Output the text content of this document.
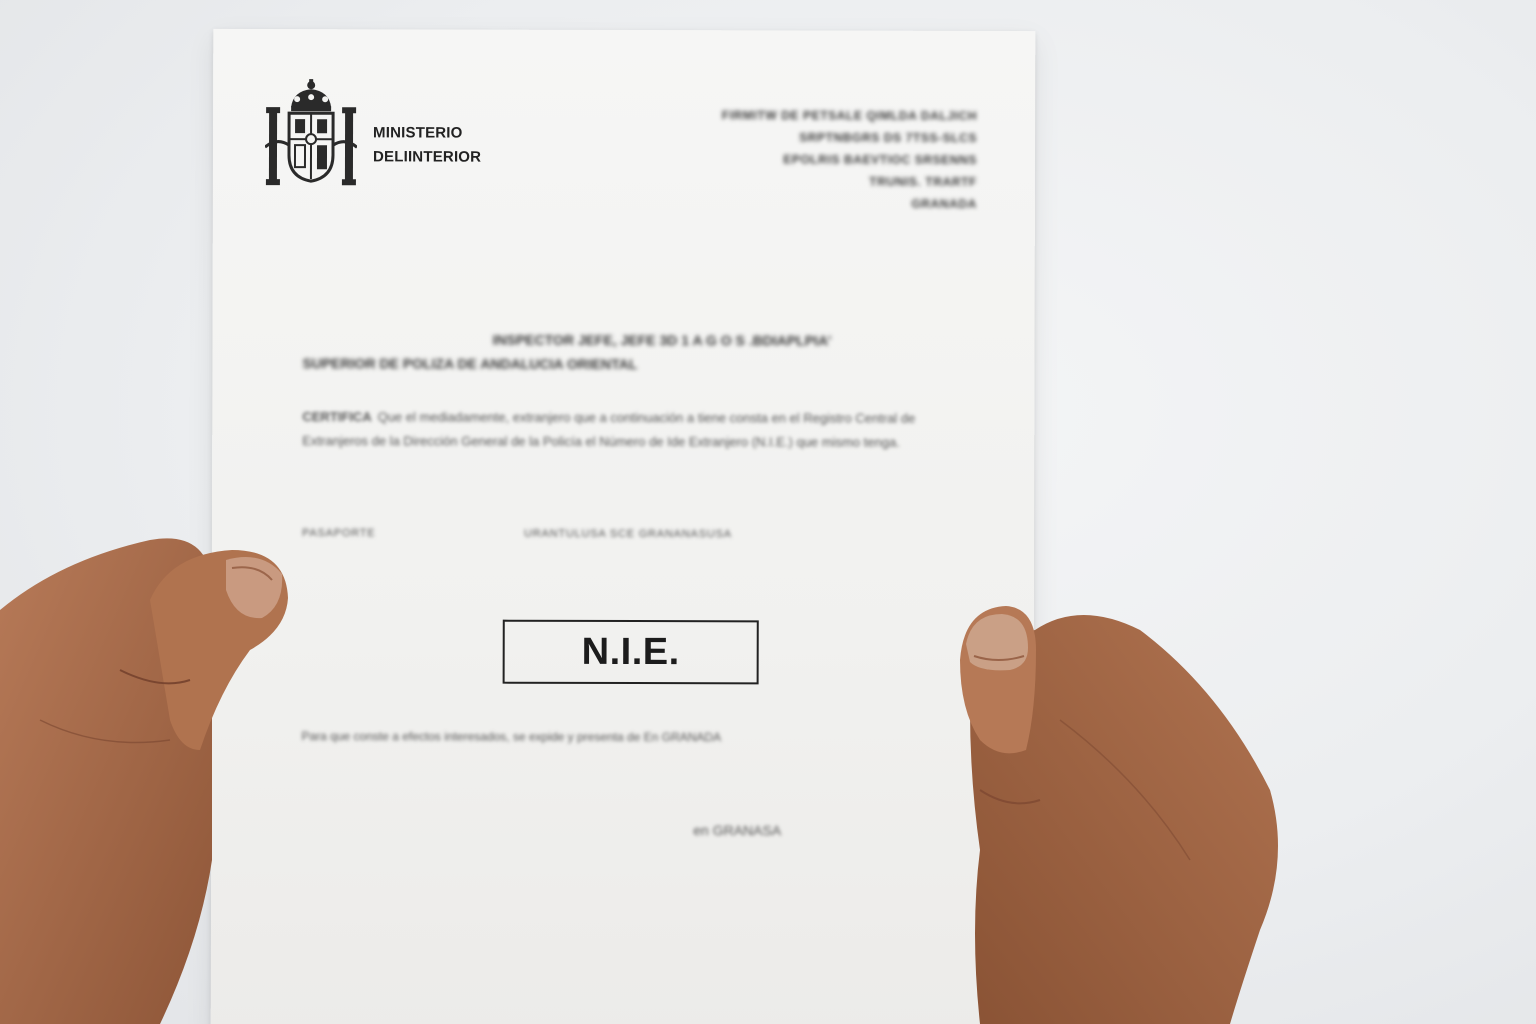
MINISTERIO
DELIINTERIOR
FIRMITW DE PETSALE QIMLDA DALJICH
SRPTNBGRS DS 7TSS-SLCS
EPOLRIS BAEVTIOC SRSENNS
TRUNIS. TRARTF
GRANADA
INSPECTOR JEFE, JEFE 3D 1 A G O S .BDIAPLPIA'
SUPERIOR DE POLIZA DE ANDALUCIA ORIENTAL
CERTIFICA Que el mediadamente, extranjero que a continuación a tiene consta en el Registro Central de Extranjeros de la Dirección General de la Policía el Número de Ide Extranjero (N.I.E.) que mismo tenga.
PASAPORTE	URANTULUSA SCE GRANANASUSA
N.I.E.
Para que conste a efectos interesados, se expide y presenta de En GRANADA
en GRANASA
